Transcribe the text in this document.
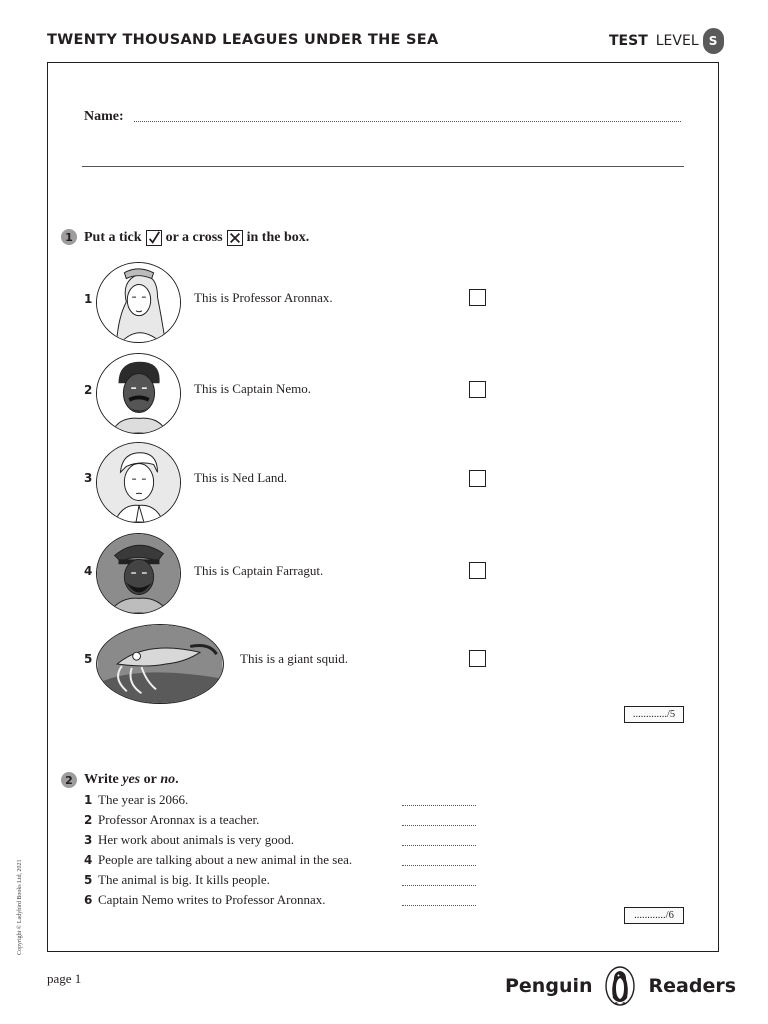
TWENTY THOUSAND LEAGUES UNDER THE SEA	TEST LEVEL S
Name:
1 Put a tick or a cross in the box.
1	This is Professor Aronnax.
2	This is Captain Nemo.
3	This is Ned Land.
4	This is Captain Farragut.
5	This is a giant squid.
............./5
2 Write
yes
or
no .
1 The year is 2066.
2 Professor Aronnax is a teacher.
3 Her work about animals is very good.
4 People are talking about a new animal in the sea.
5 The animal is big. It kills people.
6 Captain Nemo writes to Professor Aronnax.
............/6
Copyright © Ladybird Books Ltd, 2021
page 1	Penguin	Readers
